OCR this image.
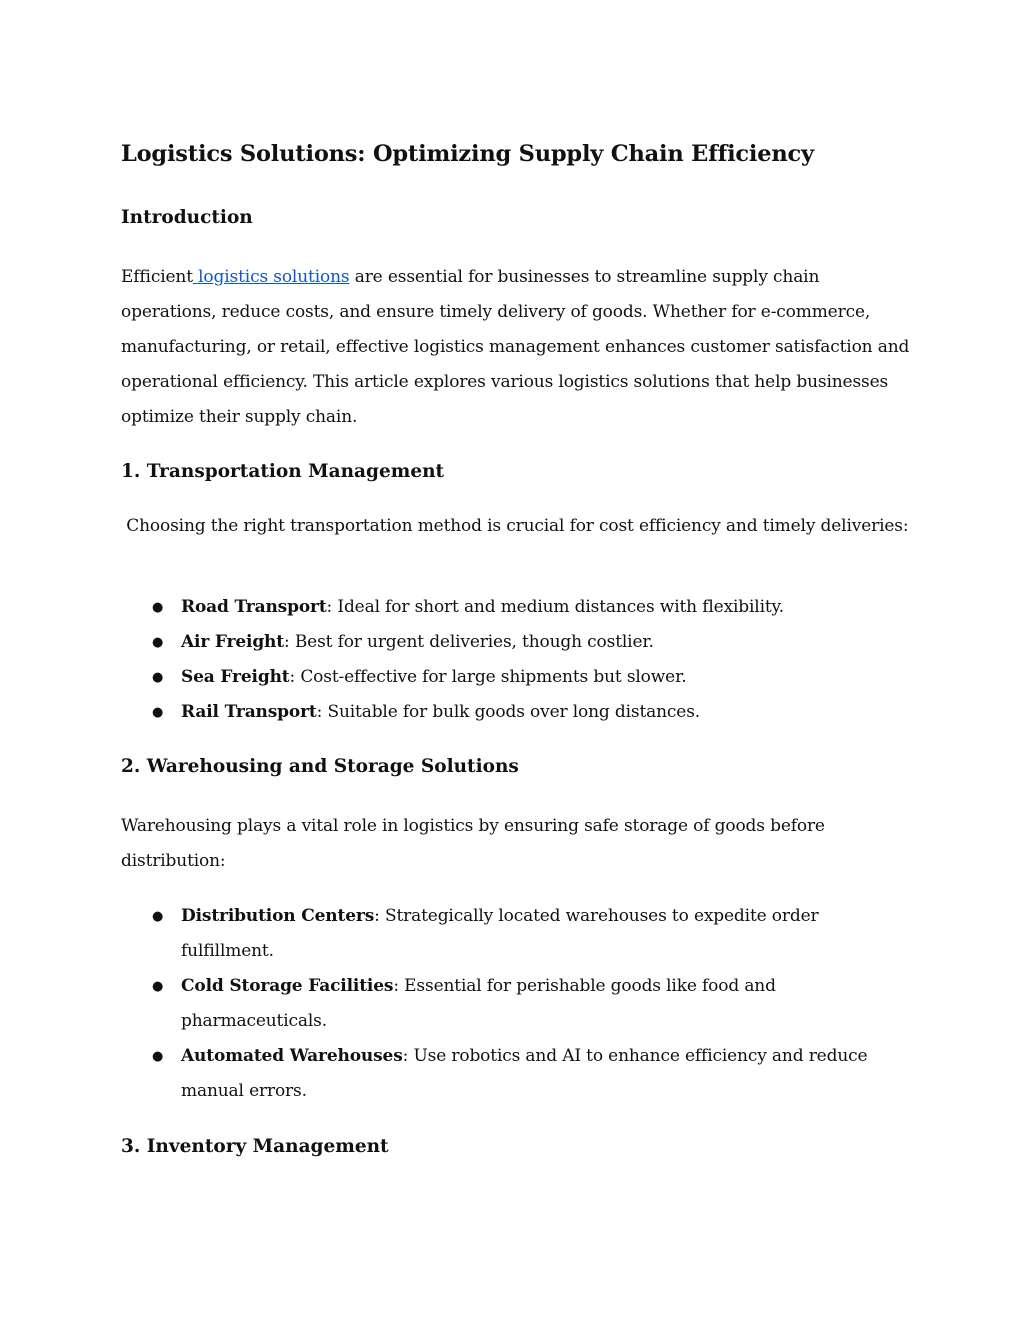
Logistics Solutions: Optimizing Supply Chain Efficiency
Introduction

Efficient logistics solutions are essential for businesses to streamline supply chain operations, reduce costs, and ensure timely delivery of goods. Whether for e-commerce, manufacturing, or retail, effective logistics management enhances customer satisfaction and operational efficiency. This article explores various logistics solutions that help businesses optimize their supply chain.

1. Transportation Management

Choosing the right transportation method is crucial for cost efficiency and timely deliveries:

● Road Transport: Ideal for short and medium distances with flexibility.
● Air Freight: Best for urgent deliveries, though costlier.
● Sea Freight: Cost-effective for large shipments but slower.
● Rail Transport: Suitable for bulk goods over long distances.
2. Warehousing and Storage Solutions

Warehousing plays a vital role in logistics by ensuring safe storage of goods before distribution:

● Distribution Centers: Strategically located warehouses to expedite order fulfillment.
● Cold Storage Facilities: Essential for perishable goods like food and pharmaceuticals.
● Automated Warehouses: Use robotics and AI to enhance efficiency and reduce manual errors.
3. Inventory Management
